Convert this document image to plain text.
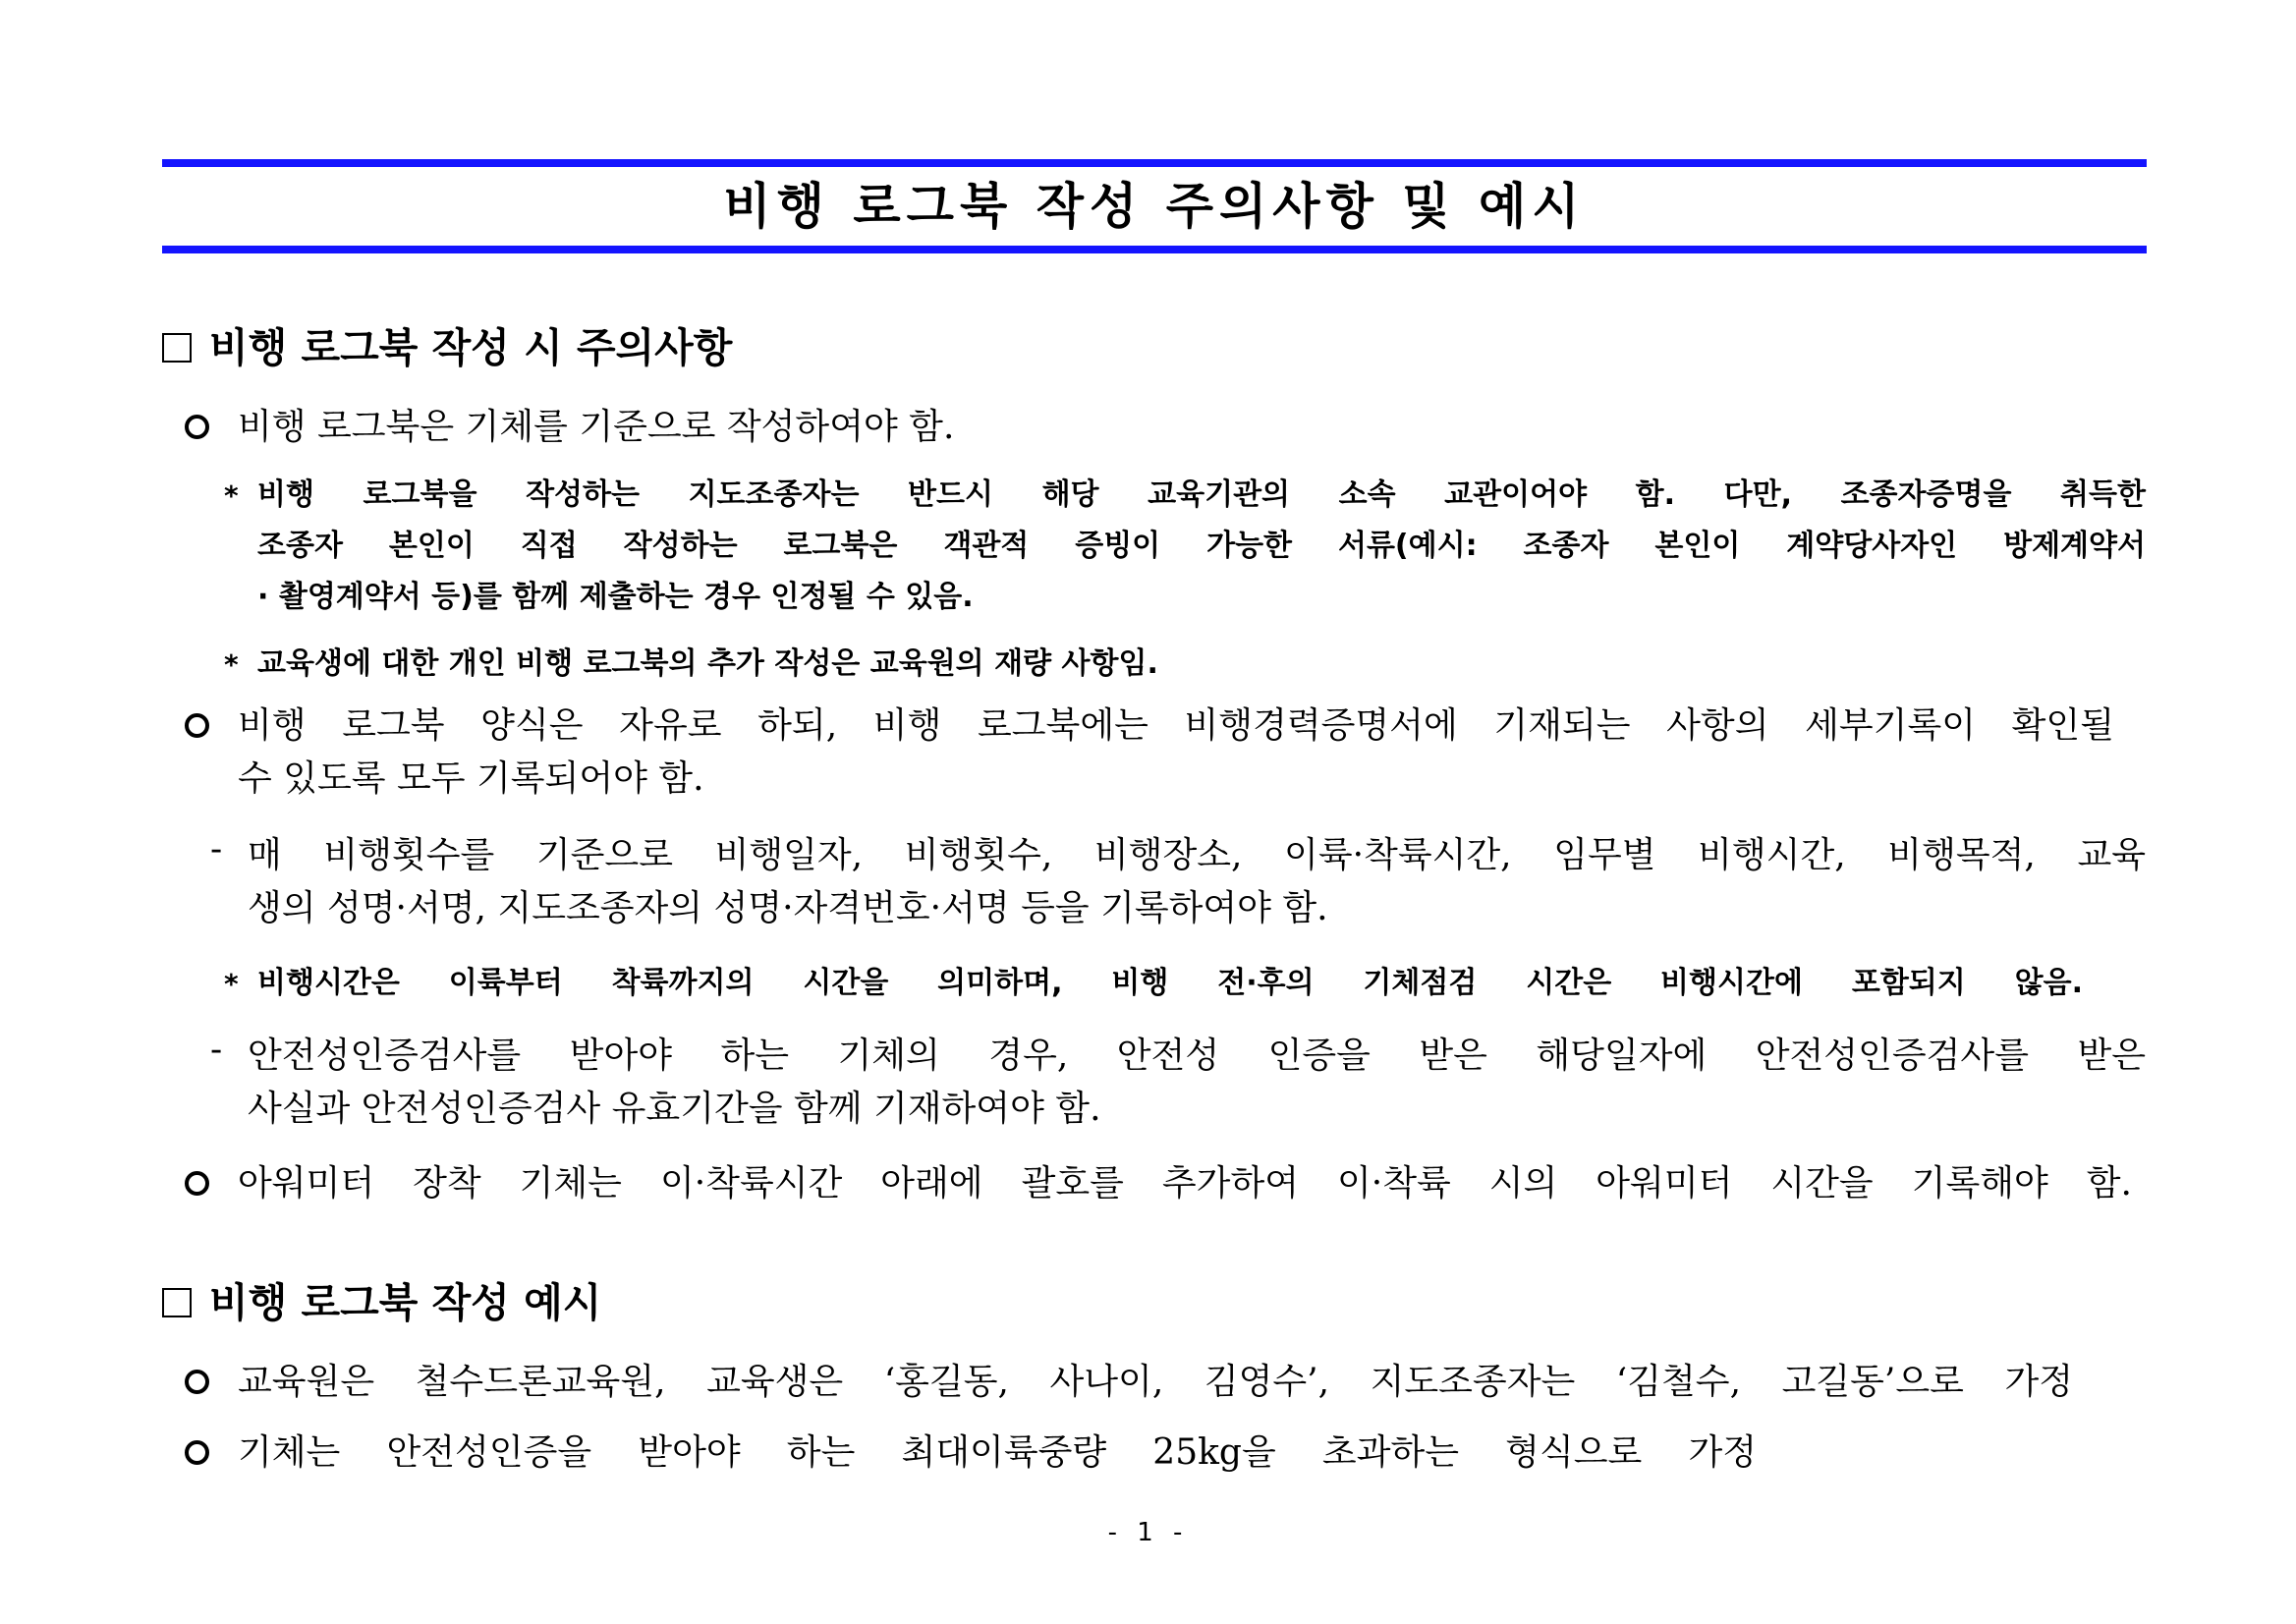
비행 로그북 작성 주의사항 및 예시
비행 로그북 작성 시 주의사항
비행 로그북은 기체를 기준으로 작성하여야 함.
* 비행 로그북을 작성하는 지도조종자는 반드시 해당 교육기관의 소속 교관이어야 함. 다만, 조종자증명을 취득한
조종자 본인이 직접 작성하는 로그북은 객관적 증빙이 가능한 서류(예시: 조종자 본인이 계약당사자인 방제계약서
· 촬영계약서 등)를 함께 제출하는 경우 인정될 수 있음.
* 교육생에 대한 개인 비행 로그북의 추가 작성은 교육원의 재량 사항임.
비행 로그북 양식은 자유로 하되, 비행 로그북에는 비행경력증명서에 기재되는 사항의 세부기록이 확인될
수 있도록 모두 기록되어야 함.
- 매 비행횟수를 기준으로 비행일자, 비행횟수, 비행장소, 이륙·착륙시간, 임무별 비행시간, 비행목적, 교육
생의 성명·서명, 지도조종자의 성명·자격번호·서명 등을 기록하여야 함.
* 비행시간은 이륙부터 착륙까지의 시간을 의미하며, 비행 전·후의 기체점검 시간은 비행시간에 포함되지 않음.
- 안전성인증검사를 받아야 하는 기체의 경우, 안전성 인증을 받은 해당일자에 안전성인증검사를 받은
사실과 안전성인증검사 유효기간을 함께 기재하여야 함.
아워미터 장착 기체는 이·착륙시간 아래에 괄호를 추가하여 이·착륙 시의 아워미터 시간을 기록해야 함.
비행 로그북 작성 예시
교육원은 철수드론교육원, 교육생은 ‘홍길동, 사나이, 김영수’, 지도조종자는 ‘김철수, 고길동’으로 가정
기체는 안전성인증을 받아야 하는 최대이륙중량 25kg을 초과하는 형식으로 가정
- 1 -
